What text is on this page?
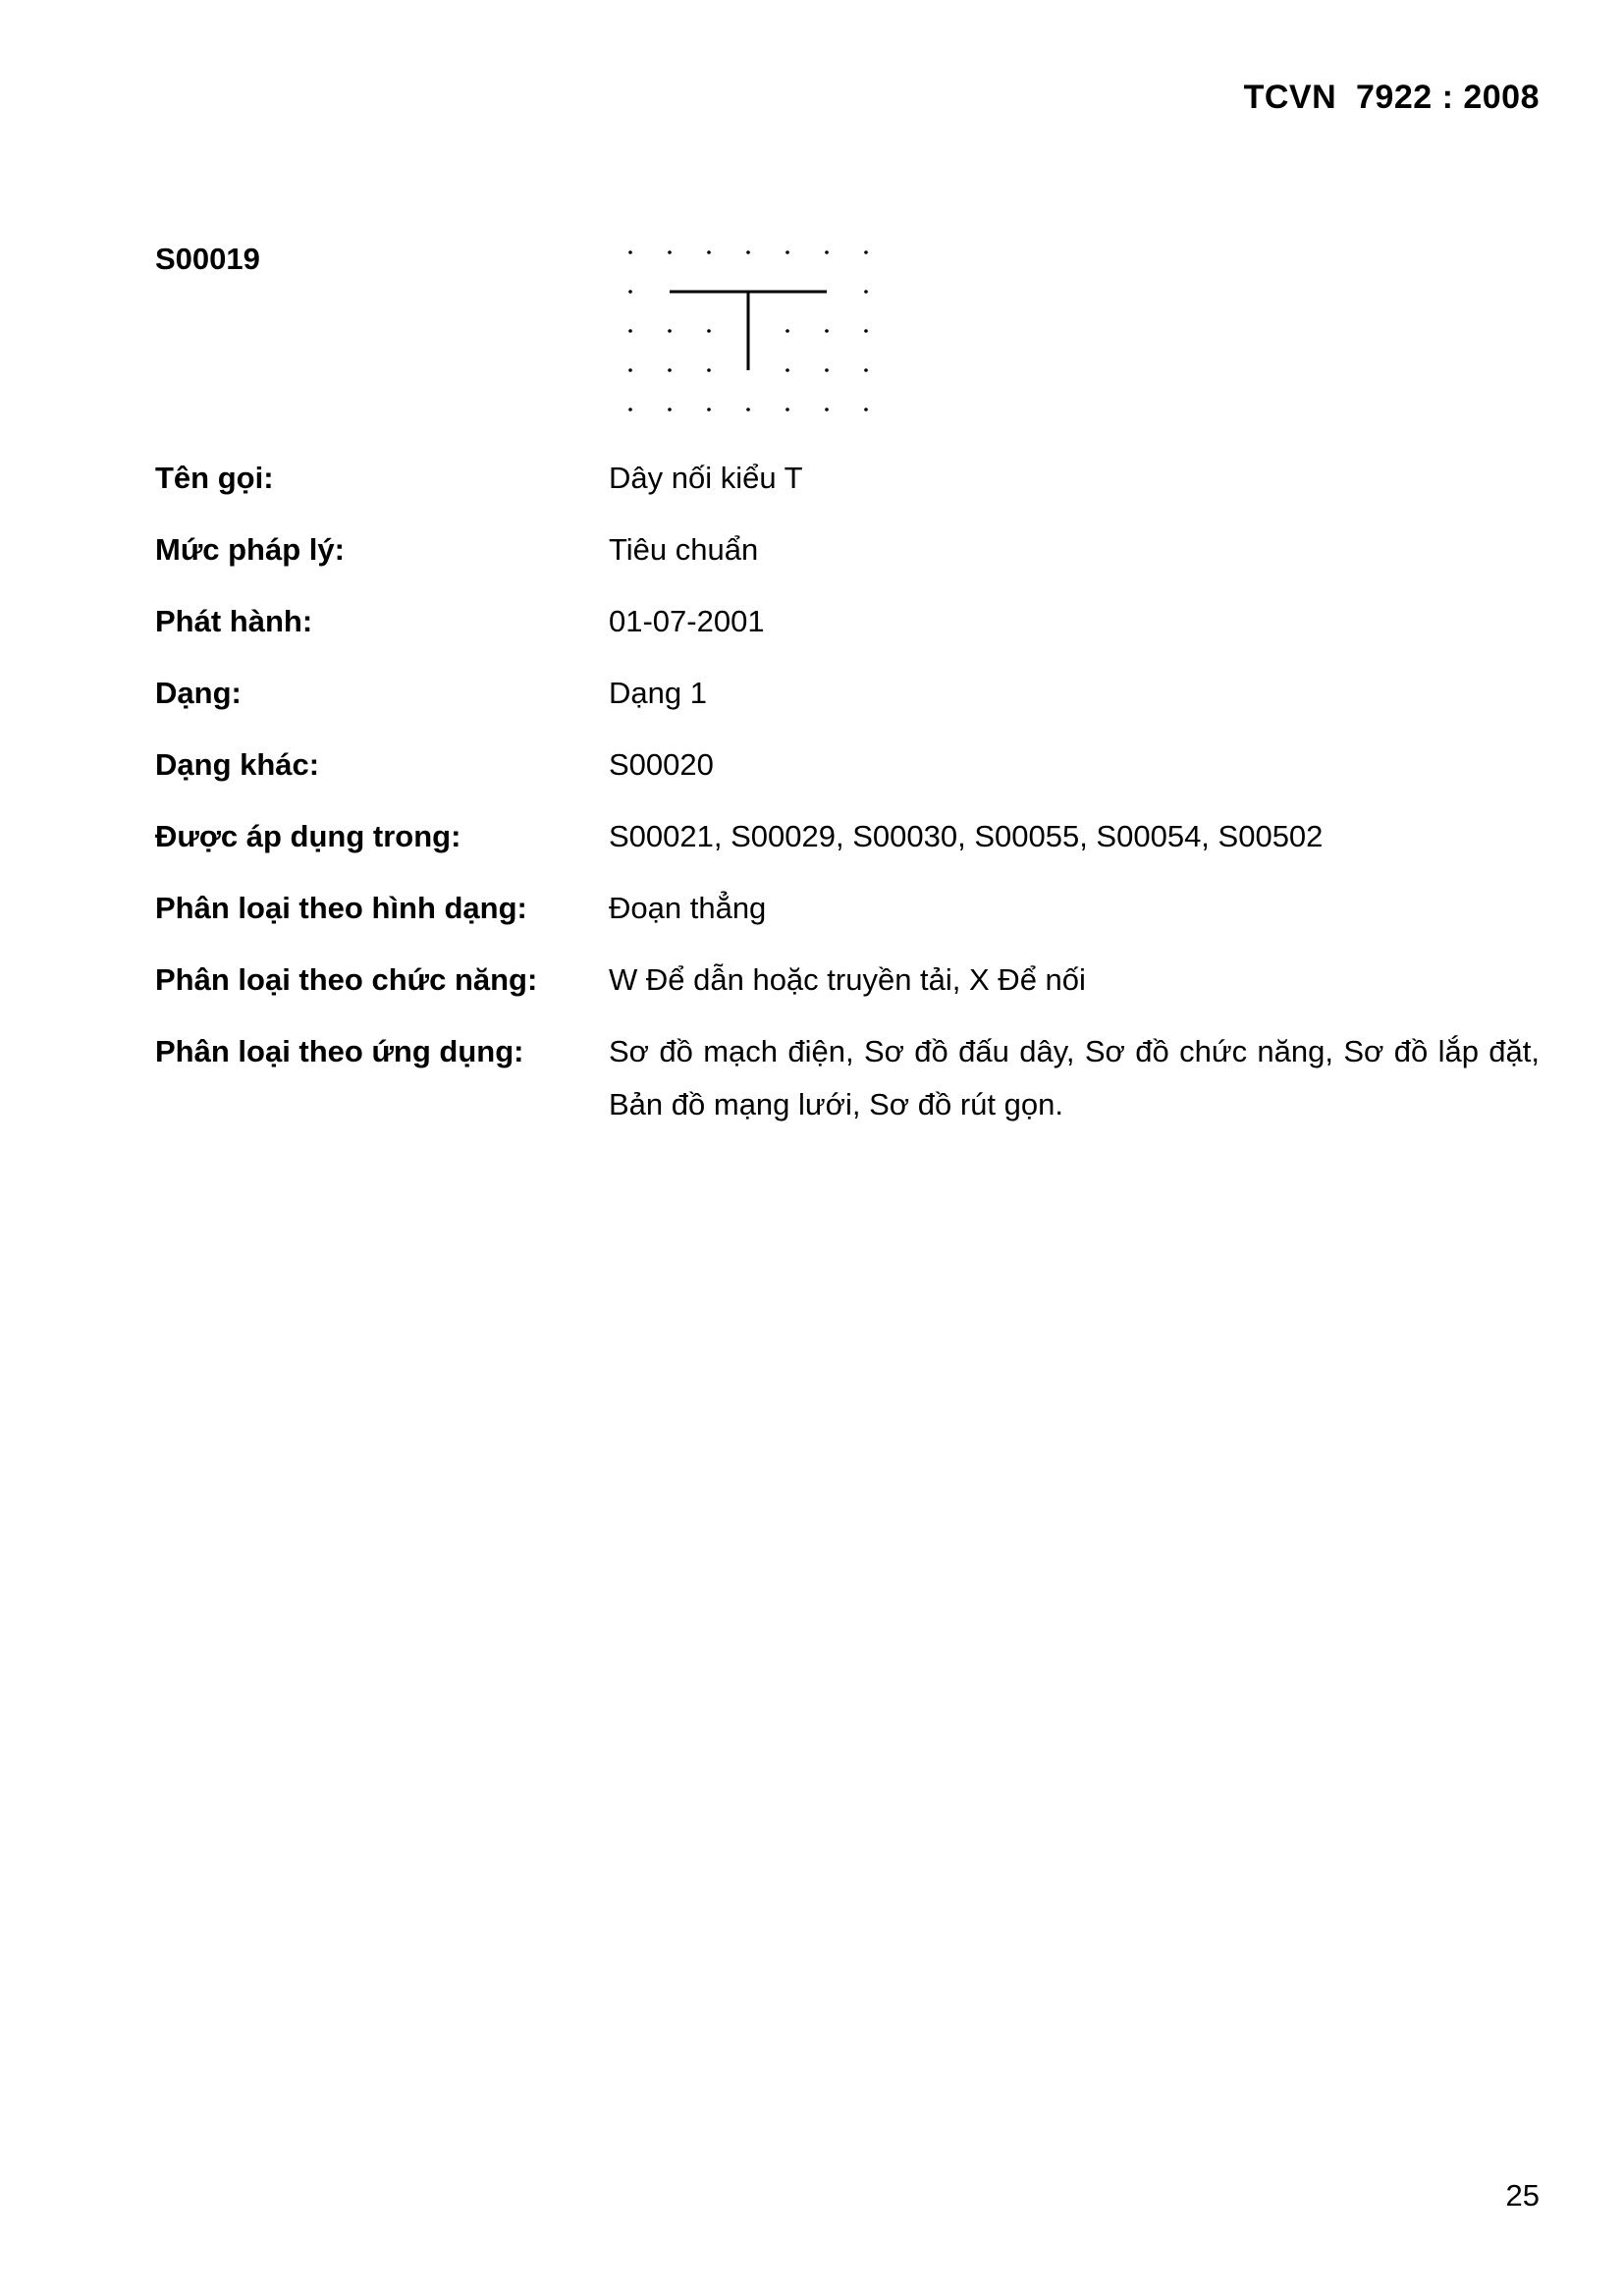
TCVN  7922 : 2008
S00019
Tên gọi:	Dây nối kiểu T
Mức pháp lý:	Tiêu chuẩn
Phát hành:	01-07-2001
Dạng:	Dạng 1
Dạng khác:	S00020
Được áp dụng trong:	S00021, S00029, S00030, S00055, S00054, S00502
Phân loại theo hình dạng:	Đoạn thẳng
Phân loại theo chức năng:	W Để dẫn hoặc truyền tải, X Để nối
Phân loại theo ứng dụng:	Sơ đồ mạch điện, Sơ đồ đấu dây, Sơ đồ chức năng, Sơ đồ lắp đặt, Bản đồ mạng lưới, Sơ đồ rút gọn.
25
